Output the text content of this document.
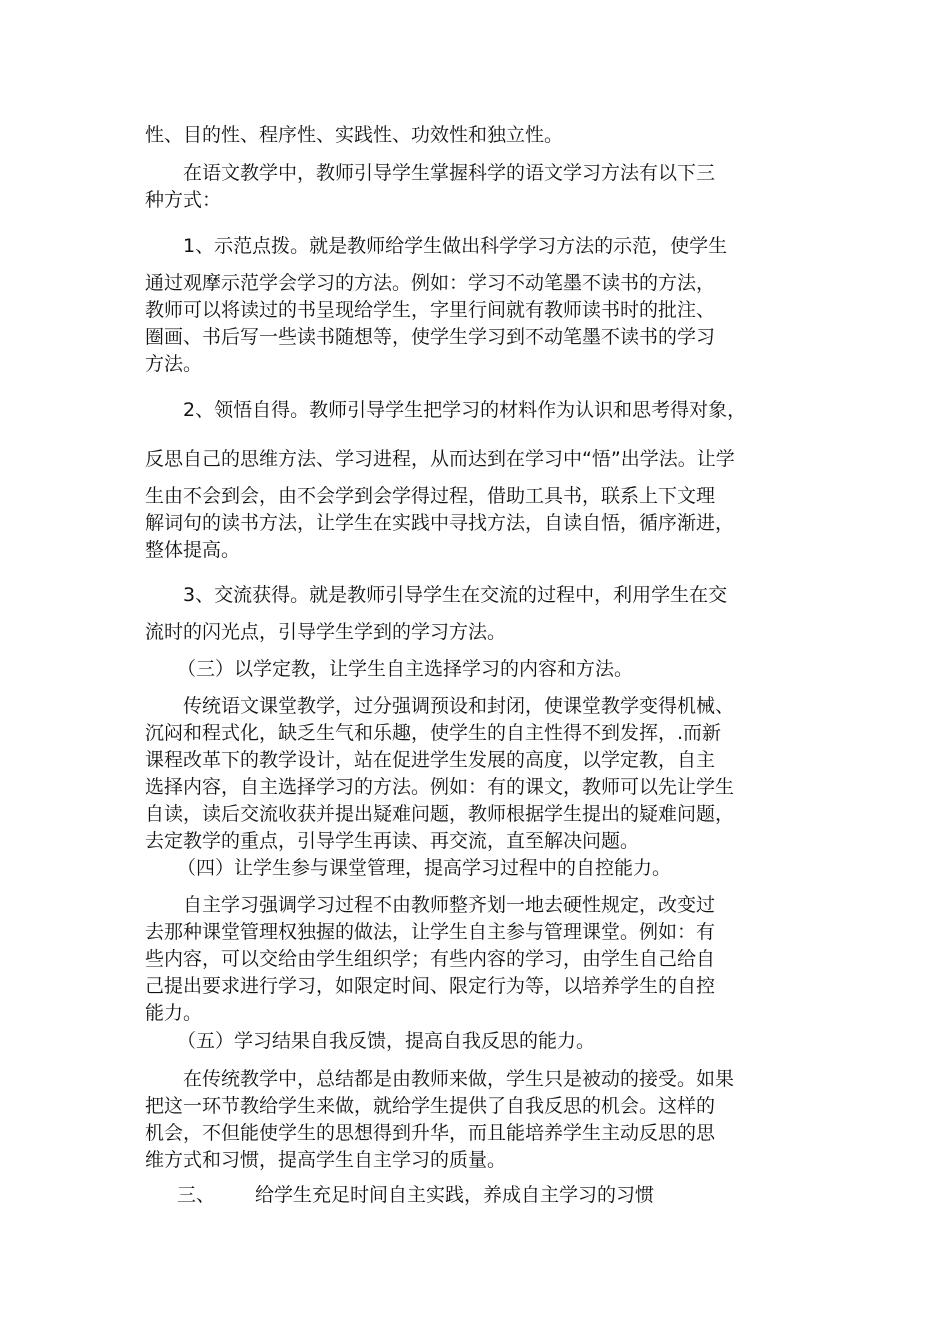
性、目的性、程序性、实践性、功效性和独立性。
在语文教学中，教师引导学生掌握科学的语文学习方法有以下三
种方式：
1、示范点拨。就是教师给学生做出科学学习方法的示范，使学生
通过观摩示范学会学习的方法。例如：学习不动笔墨不读书的方法，
教师可以将读过的书呈现给学生，字里行间就有教师读书时的批注、
圈画、书后写一些读书随想等，使学生学习到不动笔墨不读书的学习
方法。
2、领悟自得。教师引导学生把学习的材料作为认识和思考得对象，
反思自己的思维方法、学习进程，从而达到在学习中“悟”出学法。让学
生由不会到会，由不会学到会学得过程，借助工具书，联系上下文理
解词句的读书方法，让学生在实践中寻找方法，自读自悟，循序渐进，
整体提高。
3、交流获得。就是教师引导学生在交流的过程中，利用学生在交
流时的闪光点，引导学生学到的学习方法。
（三）以学定教，让学生自主选择学习的内容和方法。
传统语文课堂教学，过分强调预设和封闭，使课堂教学变得机械、
沉闷和程式化，缺乏生气和乐趣，使学生的自主性得不到发挥，.而新
课程改革下的教学设计，站在促进学生发展的高度，以学定教，自主
选择内容，自主选择学习的方法。例如：有的课文，教师可以先让学生
自读，读后交流收获并提出疑难问题，教师根据学生提出的疑难问题，
去定教学的重点，引导学生再读、再交流，直至解决问题。
（四）让学生参与课堂管理，提高学习过程中的自控能力。
自主学习强调学习过程不由教师整齐划一地去硬性规定，改变过
去那种课堂管理权独握的做法，让学生自主参与管理课堂。例如：有
些内容，可以交给由学生组织学；有些内容的学习，由学生自己给自
己提出要求进行学习，如限定时间、限定行为等，以培养学生的自控
能力。
（五）学习结果自我反馈，提高自我反思的能力。
在传统教学中，总结都是由教师来做，学生只是被动的接受。如果
把这一环节教给学生来做，就给学生提供了自我反思的机会。这样的
机会，不但能使学生的思想得到升华，而且能培养学生主动反思的思
维方式和习惯，提高学生自主学习的质量。
三、 给学生充足时间自主实践，养成自主学习的习惯
